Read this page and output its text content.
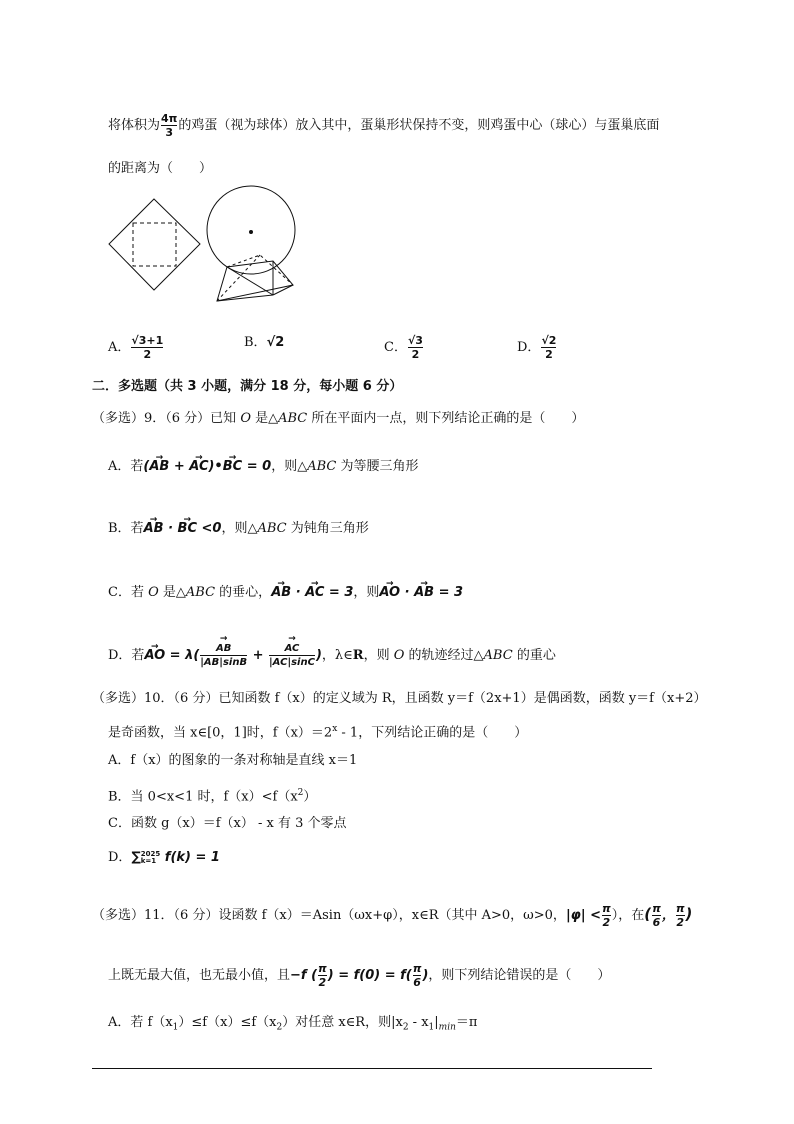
将体积为 $\frac{4\pi}{3}$ 的鸡蛋（视为球体）放入其中，蛋巢形状保持不变，则鸡蛋中心（球心）与蛋巢底面
的距离为（　　）
A． $\frac{√3+1}{2}$	B．√2	C． $\frac{√3}{2}$	D． $\frac{√2}{2}$
二．多选题（共 3 小题，满分 18 分，每小题 6 分）
（多选）9．（6 分）已知 O 是△ABC 所在平面内一点，则下列结论正确的是（　　）
A．若(→ AB + → AC)•→ BC = 0，则△ABC 为等腰三角形
B．若→ AB · → BC <0，则△ABC 为钝角三角形
C．若 O 是△ABC 的垂心，→ AB · → AC = 3，则→ AO · → AB = 3
D．若→ AO = λ(
→ $\frac{AB}{|AB|\sin B}$ +
→ $\frac{AC}{|AC|\sin C}$ )，λ∈R，则 O 的轨迹经过△ABC 的重心
（多选）10．（6 分）已知函数 f（x）的定义域为 R，且函数 y＝f（2x+1）是偶函数，函数 y＝f（x+2）
是奇函数，当 x∈[0，1]时，$f(x)=2^x - 1$，下列结论正确的是（　　）
A．f（x）的图象的一条对称轴是直线 x＝1
B．当 0<x<1 时，$f(x)<f(x^2)$
C．函数 g（x）＝f（x） - x 有 3 个零点
D．∑ 2025
k=1 f(k) = 1
（多选）11．（6 分）设函数 f（x）＝Asin（ωx+φ），x∈R（其中 A>0，ω>0，$|\varphi| < \frac{\pi}{2}$ ），在( $\frac{\pi}{6}$ ， $\frac{\pi}{2}$ )
上既无最大值，也无最小值，且−f ( $\frac{\pi}{2}$ ) = $f(0) = f( \frac{\pi}{6}$ )，则下列结论错误的是（　　）
A．若 $f(x_1)\le f(x)\le f(x_2)$对任意 x∈R，则$|x_2 - x_1|_{min}=\pi$
